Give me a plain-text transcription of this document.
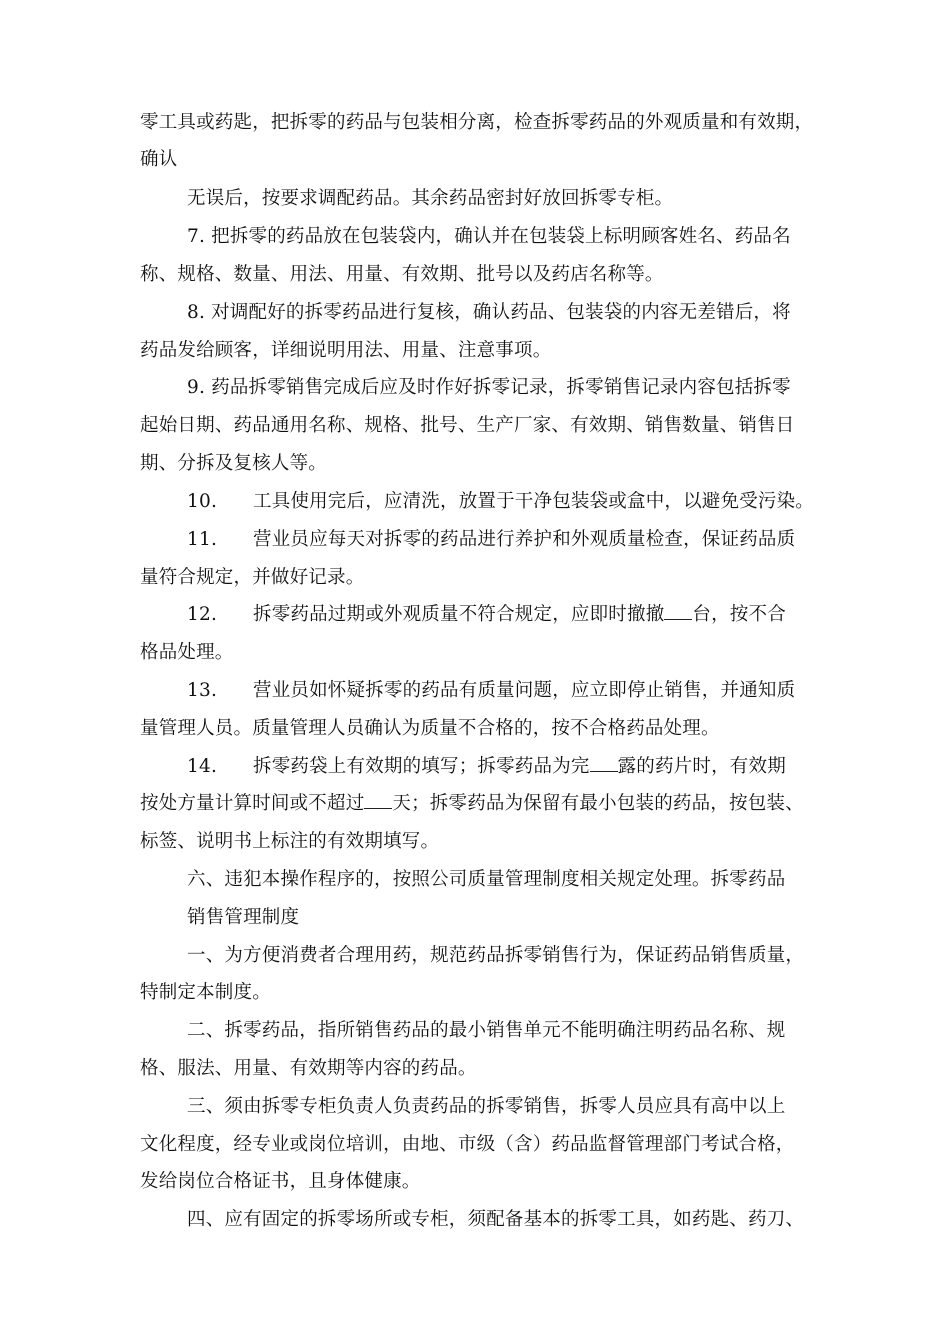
零工具或药匙，把拆零的药品与包装相分离，检查拆零药品的外观质量和有效期，
确认
无误后，按要求调配药品。其余药品密封好放回拆零专柜。
7. 把拆零的药品放在包装袋内，确认并在包装袋上标明顾客姓名、药品名
称、规格、数量、用法、用量、有效期、批号以及药店名称等。
8. 对调配好的拆零药品进行复核，确认药品、包装袋的内容无差错后，将
药品发给顾客，详细说明用法、用量、注意事项。
9. 药品拆零销售完成后应及时作好拆零记录，拆零销售记录内容包括拆零
起始日期、药品通用名称、规格、批号、生产厂家、有效期、销售数量、销售日
期、分拆及复核人等。
10. 工具使用完后，应清洗，放置于干净包装袋或盒中，以避免受污染。
11. 营业员应每天对拆零的药品进行养护和外观质量检查，保证药品质
量符合规定，并做好记录。
12. 拆零药品过期或外观质量不符合规定，应即时撤撤 台，按不合
格品处理。
13. 营业员如怀疑拆零的药品有质量问题，应立即停止销售，并通知质
量管理人员。质量管理人员确认为质量不合格的，按不合格药品处理。
14. 拆零药袋上有效期的填写；拆零药品为完 露的药片时，有效期
按处方量计算时间或不超过 天；拆零药品为保留有最小包装的药品，按包装、
标签、说明书上标注的有效期填写。
六、违犯本操作程序的，按照公司质量管理制度相关规定处理。拆零药品
销售管理制度
一、为方便消费者合理用药，规范药品拆零销售行为，保证药品销售质量，
特制定本制度。
二、拆零药品，指所销售药品的最小销售单元不能明确注明药品名称、规
格、服法、用量、有效期等内容的药品。
三、须由拆零专柜负责人负责药品的拆零销售，拆零人员应具有高中以上
文化程度，经专业或岗位培训，由地、市级（含）药品监督管理部门考试合格，
发给岗位合格证书，且身体健康。
四、应有固定的拆零场所或专柜，须配备基本的拆零工具，如药匙、药刀、
